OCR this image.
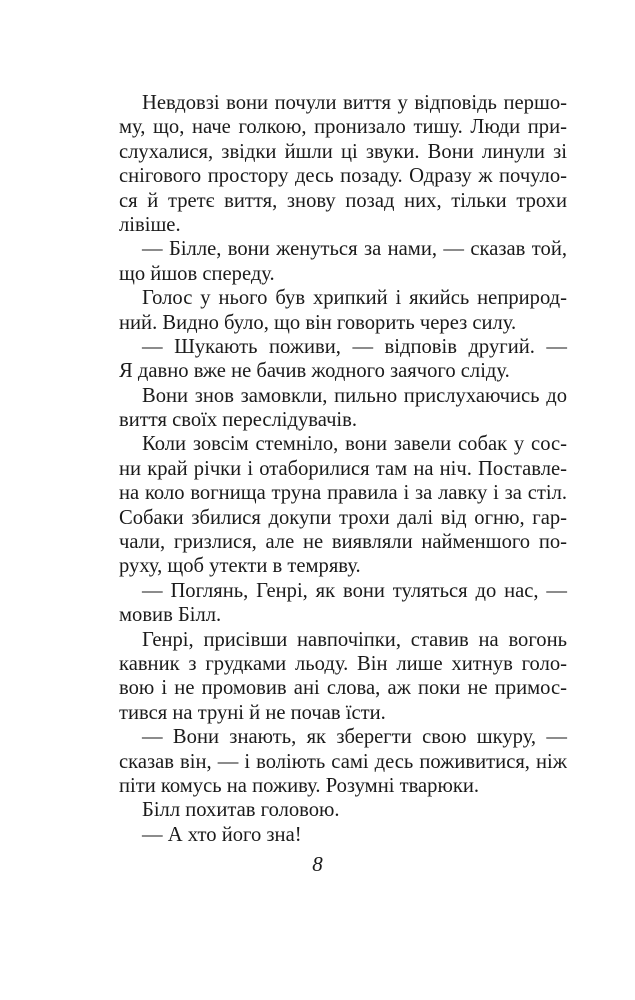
Невдовзі вони почули виття у відповідь першо-
му, що, наче голкою, пронизало тишу. Люди при-
слухалися, звідки йшли ці звуки. Вони линули зі
снігового простору десь позаду. Одразу ж почуло-
ся й третє виття, знову позад них, тільки трохи
лівіше.
— Білле, вони женуться за нами, — сказав той,
що йшов спереду.
Голос у нього був хрипкий і якийсь неприрод-
ний. Видно було, що він говорить через силу.
— Шукають поживи, — відповів другий. —
Я давно вже не бачив жодного заячого сліду.
Вони знов замовкли, пильно прислухаючись до
виття своїх переслідувачів.
Коли зовсім стемніло, вони завели собак у сос-
ни край річки і отаборилися там на ніч. Поставле-
на коло вогнища труна правила і за лавку і за стіл.
Собаки збилися докупи трохи далі від огню, гар-
чали, гризлися, але не виявляли найменшого по-
руху, щоб утекти в темряву.
— Поглянь, Генрі, як вони туляться до нас, —
мовив Білл.
Генрі, присівши навпочіпки, ставив на вогонь
кавник з грудками льоду. Він лише хитнув голо-
вою і не промовив ані слова, аж поки не примос-
тився на труні й не почав їсти.
— Вони знають, як зберегти свою шкуру, —
сказав він, — і воліють самі десь поживитися, ніж
піти комусь на поживу. Розумні тварюки.
Білл похитав головою.
— А хто його зна!
8
